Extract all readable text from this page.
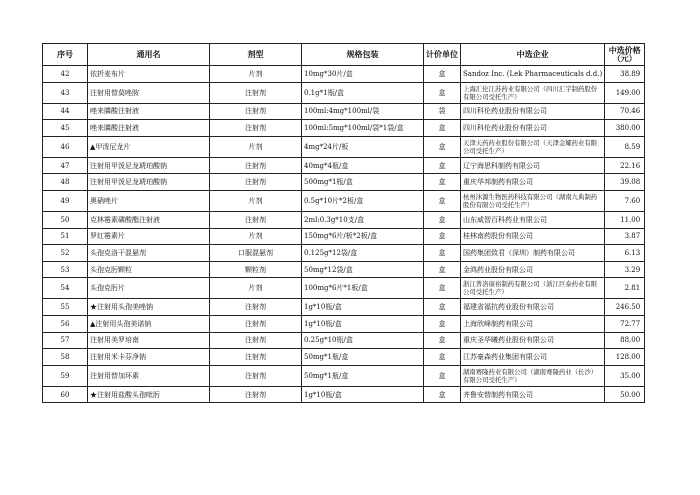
序号	通用名	剂型	规格包装	计价单位	中选企业	中选价格
（元）

42	依折麦布片	片剂	10mg*30片/盒	盒	Sandoz Inc. (Lek Pharmaceuticals d.d.)	38.89
43	注射用替莫唑胺	注射剂	0.1g*1瓶/盒	盒	上海汇伦江苏药业有限公司（四川汇宇制药股份有限公司受托生产）	149.00
44	唑来膦酸注射液	注射剂	100ml:4mg*100ml/袋	袋	四川科伦药业股份有限公司	70.46
45	唑来膦酸注射液	注射剂	100ml:5mg*100ml/袋*1袋/盒	盒	四川科伦药业股份有限公司	380.00
46	▲甲泼尼龙片	片剂	4mg*24片/板	盒	天津天药药业股份有限公司（天津金耀药业有限公司受托生产）	8.59
47	注射用甲泼尼龙琥珀酸钠	注射剂	40mg*4瓶/盒	盒	辽宁海思科制药有限公司	22.16
48	注射用甲泼尼龙琥珀酸钠	注射剂	500mg*1瓶/盒	盒	重庆华邦制药有限公司	39.08
49	奥硝唑片	片剂	0.5g*10片*2板/盒	盒	杭州沐源生物医药科技有限公司（湖南九典制药股份有限公司受托生产）	7.60
50	克林霉素磷酸酯注射液	注射剂	2ml:0.3g*10支/盒	盒	山东威智百科药业有限公司	11.00
51	罗红霉素片	片剂	150mg*6片/板*2板/盒	盒	桂林南药股份有限公司	3.87
52	头孢克洛干混悬剂	口服混悬剂	0.125g*12袋/盒	盒	国药集团致君（深圳）制药有限公司	6.13
53	头孢克肟颗粒	颗粒剂	50mg*12袋/盒	盒	金鸿药业股份有限公司	3.29
54	头孢克肟片	片剂	100mg*6片*1板/盒	盒	浙江普洛康裕制药有限公司（浙江巨泰药业有限公司受托生产）	2.81
55	★注射用头孢美唑钠	注射剂	1g*10瓶/盒	盒	福建省福抗药业股份有限公司	246.50
56	▲注射用头孢美诺钠	注射剂	1g*10瓶/盒	盒	上海欣峰制药有限公司	72.77
57	注射用美罗培南	注射剂	0.25g*10瓶/盒	盒	重庆圣华曦药业股份有限公司	88.00
58	注射用米卡芬净钠	注射剂	50mg*1瓶/盒	盒	江苏豪森药业集团有限公司	128.00
59	注射用替加环素	注射剂	50mg*1瓶/盒	盒	湖南赛隆药业有限公司（湖南赛隆药业（长沙）有限公司受托生产）	35.00
60	★注射用盐酸头孢吡肟	注射剂	1g*10瓶/盒	盒	齐鲁安替制药有限公司	50.00
